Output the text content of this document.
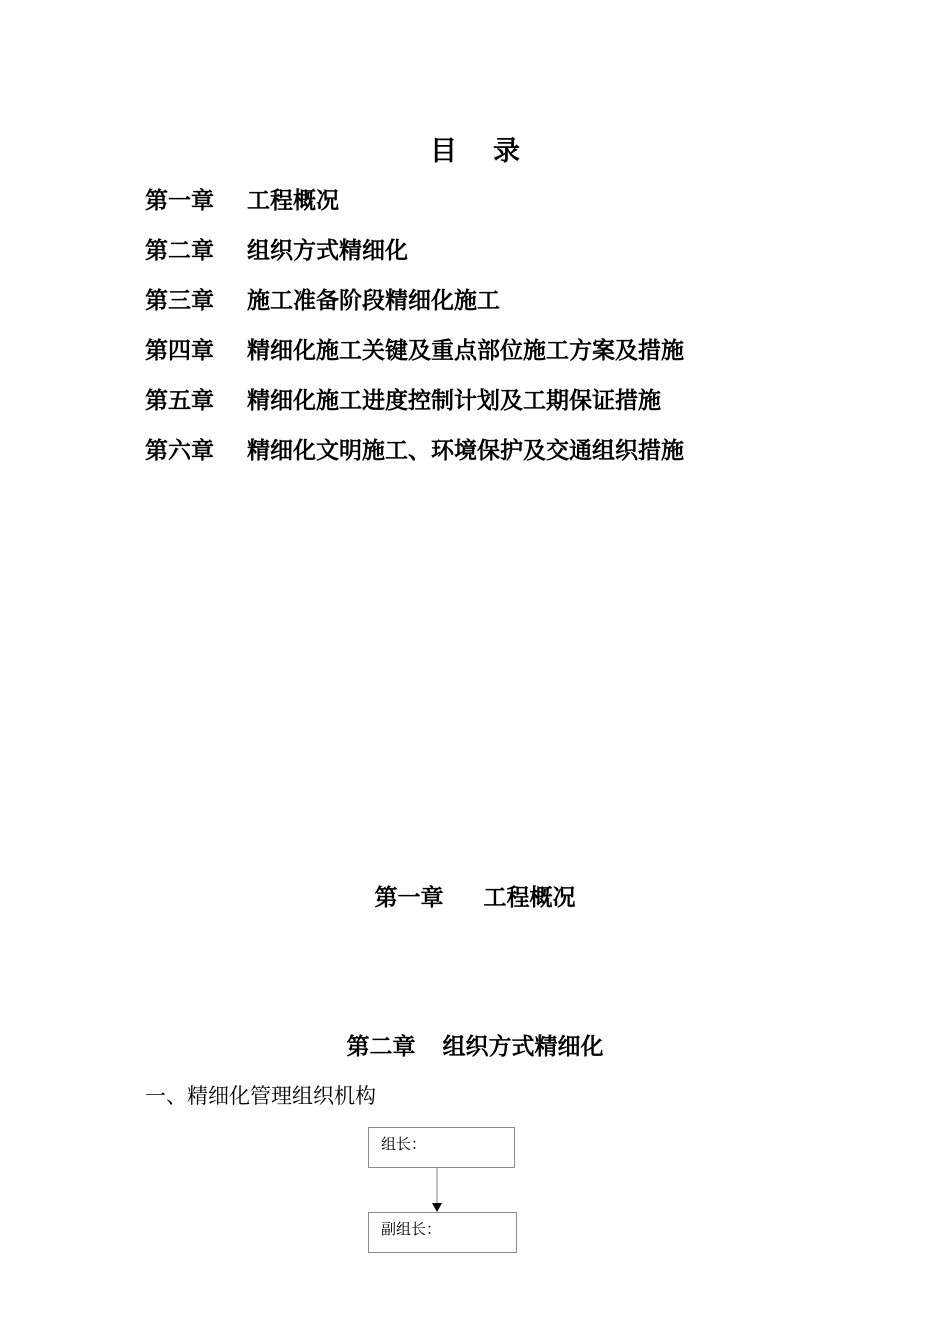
目录
第一章 工程概况
第二章 组织方式精细化
第三章 施工准备阶段精细化施工
第四章 精细化施工关键及重点部位施工方案及措施
第五章 精细化施工进度控制计划及工期保证措施
第六章 精细化文明施工、环境保护及交通组织措施
第一章 工程概况
第二章 组织方式精细化
一、精细化管理组织机构
组长：
副组长：
